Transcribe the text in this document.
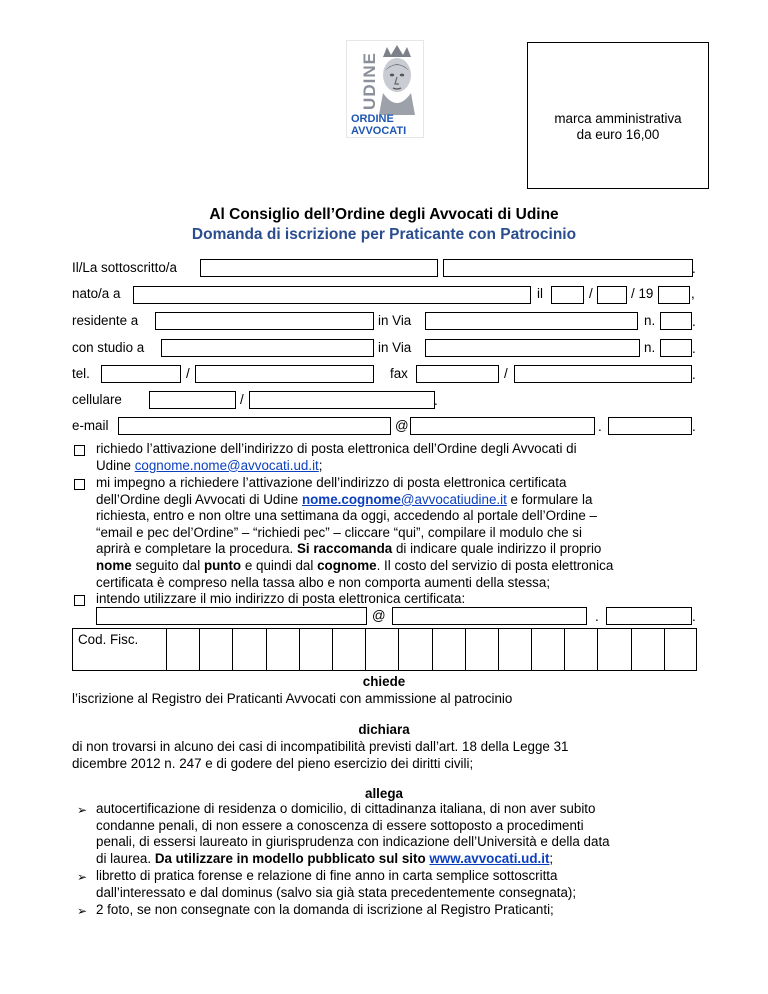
UDINE
ORDINE
AVVOCATI
marca amministrativa
da euro 16,00
Al Consiglio dell’Ordine degli Avvocati di Udine
Domanda di iscrizione per Praticante con Patrocinio
Il/La sottoscritto/a	.
nato/a a	il	/	/ 19	,
residente a	in Via	n.	.
con studio a	in Via	n.	.
tel.	/	fax	/	.
cellulare	/	.
e-mail	@	.	.
richiedo l’attivazione dell’indirizzo di posta elettronica dell’Ordine degli Avvocati di
Udine cognome.nome@avvocati.ud.it;
mi impegno a richiedere l’attivazione dell’indirizzo di posta elettronica certificata
dell’Ordine degli Avvocati di Udine nome.cognome@avvocatiudine.it e formulare la
richiesta, entro e non oltre una settimana da oggi, accedendo al portale dell’Ordine –
“email e pec del’Ordine” – “richiedi pec” – cliccare “qui”, compilare il modulo che si
aprirà e completare la procedura. Si raccomanda di indicare quale indirizzo il proprio
nome seguito dal punto e quindi dal cognome. Il costo del servizio di posta elettronica
certificata è compreso nella tassa albo e non comporta aumenti della stessa;
intendo utilizzare il mio indirizzo di posta elettronica certificata:
@	.	.
Cod. Fisc.
chiede
l’iscrizione al Registro dei Praticanti Avvocati con ammissione al patrocinio
dichiara
di non trovarsi in alcuno dei casi di incompatibilità previsti dall’art. 18 della Legge 31
dicembre 2012 n. 247 e di godere del pieno esercizio dei diritti civili;
allega
➢ autocertificazione di residenza o domicilio, di cittadinanza italiana, di non aver subito
condanne penali, di non essere a conoscenza di essere sottoposto a procedimenti
penali, di essersi laureato in giurisprudenza con indicazione dell’Università e della data
di laurea. Da utilizzare in modello pubblicato sul sito www.avvocati.ud.it;
➢ libretto di pratica forense e relazione di fine anno in carta semplice sottoscritta
dall’interessato e dal dominus (salvo sia già stata precedentemente consegnata);
➢ 2 foto, se non consegnate con la domanda di iscrizione al Registro Praticanti;
